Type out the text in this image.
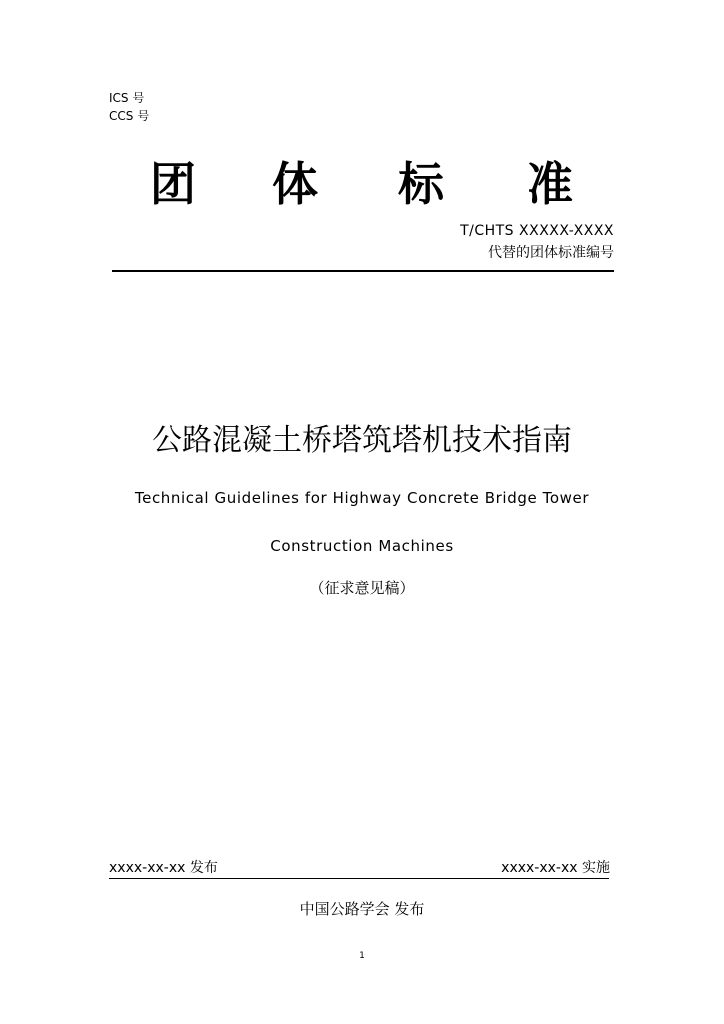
ICS 号
CCS 号
团 体 标 准
T/CHTS XXXXX-XXXX
代替的团体标准编号
公路混凝土桥塔筑塔机技术指南
Technical Guidelines for Highway Concrete Bridge Tower
Construction Machines
（征求意见稿）
xxxx-xx-xx 发布	xxxx-xx-xx 实施
中国公路学会 发布
1
